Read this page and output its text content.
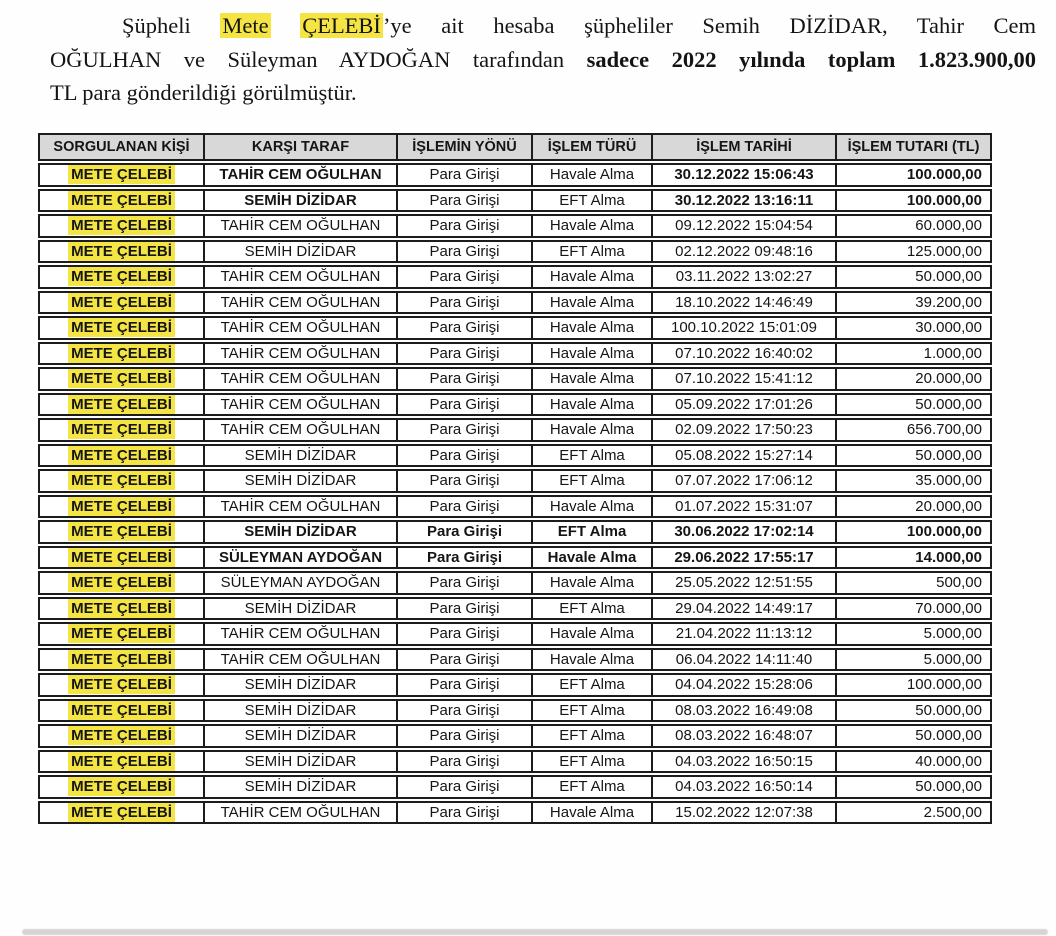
Şüpheli Mete ÇELEBİ’ye ait hesaba şüpheliler Semih DİZİDAR, Tahir Cem
OĞULHAN ve Süleyman AYDOĞAN tarafından sadece 2022 yılında toplam 1.823.900,00
TL para gönderildiği görülmüştür.

SORGULANAN KİŞİ	KARŞI TARAF	İŞLEMİN YÖNÜ	İŞLEM TÜRÜ	İŞLEM TARİHİ	İŞLEM TUTARI (TL)
METE ÇELEBİ	TAHİR CEM OĞULHAN	Para Girişi	Havale Alma	30.12.2022 15:06:43	100.000,00
METE ÇELEBİ	SEMİH DİZİDAR	Para Girişi	EFT Alma	30.12.2022 13:16:11	100.000,00
METE ÇELEBİ	TAHİR CEM OĞULHAN	Para Girişi	Havale Alma	09.12.2022 15:04:54	60.000,00
METE ÇELEBİ	SEMİH DİZİDAR	Para Girişi	EFT Alma	02.12.2022 09:48:16	125.000,00
METE ÇELEBİ	TAHİR CEM OĞULHAN	Para Girişi	Havale Alma	03.11.2022 13:02:27	50.000,00
METE ÇELEBİ	TAHİR CEM OĞULHAN	Para Girişi	Havale Alma	18.10.2022 14:46:49	39.200,00
METE ÇELEBİ	TAHİR CEM OĞULHAN	Para Girişi	Havale Alma	100.10.2022 15:01:09	30.000,00
METE ÇELEBİ	TAHİR CEM OĞULHAN	Para Girişi	Havale Alma	07.10.2022 16:40:02	1.000,00
METE ÇELEBİ	TAHİR CEM OĞULHAN	Para Girişi	Havale Alma	07.10.2022 15:41:12	20.000,00
METE ÇELEBİ	TAHİR CEM OĞULHAN	Para Girişi	Havale Alma	05.09.2022 17:01:26	50.000,00
METE ÇELEBİ	TAHİR CEM OĞULHAN	Para Girişi	Havale Alma	02.09.2022 17:50:23	656.700,00
METE ÇELEBİ	SEMİH DİZİDAR	Para Girişi	EFT Alma	05.08.2022 15:27:14	50.000,00
METE ÇELEBİ	SEMİH DİZİDAR	Para Girişi	EFT Alma	07.07.2022 17:06:12	35.000,00
METE ÇELEBİ	TAHİR CEM OĞULHAN	Para Girişi	Havale Alma	01.07.2022 15:31:07	20.000,00
METE ÇELEBİ	SEMİH DİZİDAR	Para Girişi	EFT Alma	30.06.2022 17:02:14	100.000,00
METE ÇELEBİ	SÜLEYMAN AYDOĞAN	Para Girişi	Havale Alma	29.06.2022 17:55:17	14.000,00
METE ÇELEBİ	SÜLEYMAN AYDOĞAN	Para Girişi	Havale Alma	25.05.2022 12:51:55	500,00
METE ÇELEBİ	SEMİH DİZİDAR	Para Girişi	EFT Alma	29.04.2022 14:49:17	70.000,00
METE ÇELEBİ	TAHİR CEM OĞULHAN	Para Girişi	Havale Alma	21.04.2022 11:13:12	5.000,00
METE ÇELEBİ	TAHİR CEM OĞULHAN	Para Girişi	Havale Alma	06.04.2022 14:11:40	5.000,00
METE ÇELEBİ	SEMİH DİZİDAR	Para Girişi	EFT Alma	04.04.2022 15:28:06	100.000,00
METE ÇELEBİ	SEMİH DİZİDAR	Para Girişi	EFT Alma	08.03.2022 16:49:08	50.000,00
METE ÇELEBİ	SEMİH DİZİDAR	Para Girişi	EFT Alma	08.03.2022 16:48:07	50.000,00
METE ÇELEBİ	SEMİH DİZİDAR	Para Girişi	EFT Alma	04.03.2022 16:50:15	40.000,00
METE ÇELEBİ	SEMİH DİZİDAR	Para Girişi	EFT Alma	04.03.2022 16:50:14	50.000,00
METE ÇELEBİ	TAHİR CEM OĞULHAN	Para Girişi	Havale Alma	15.02.2022 12:07:38	2.500,00
